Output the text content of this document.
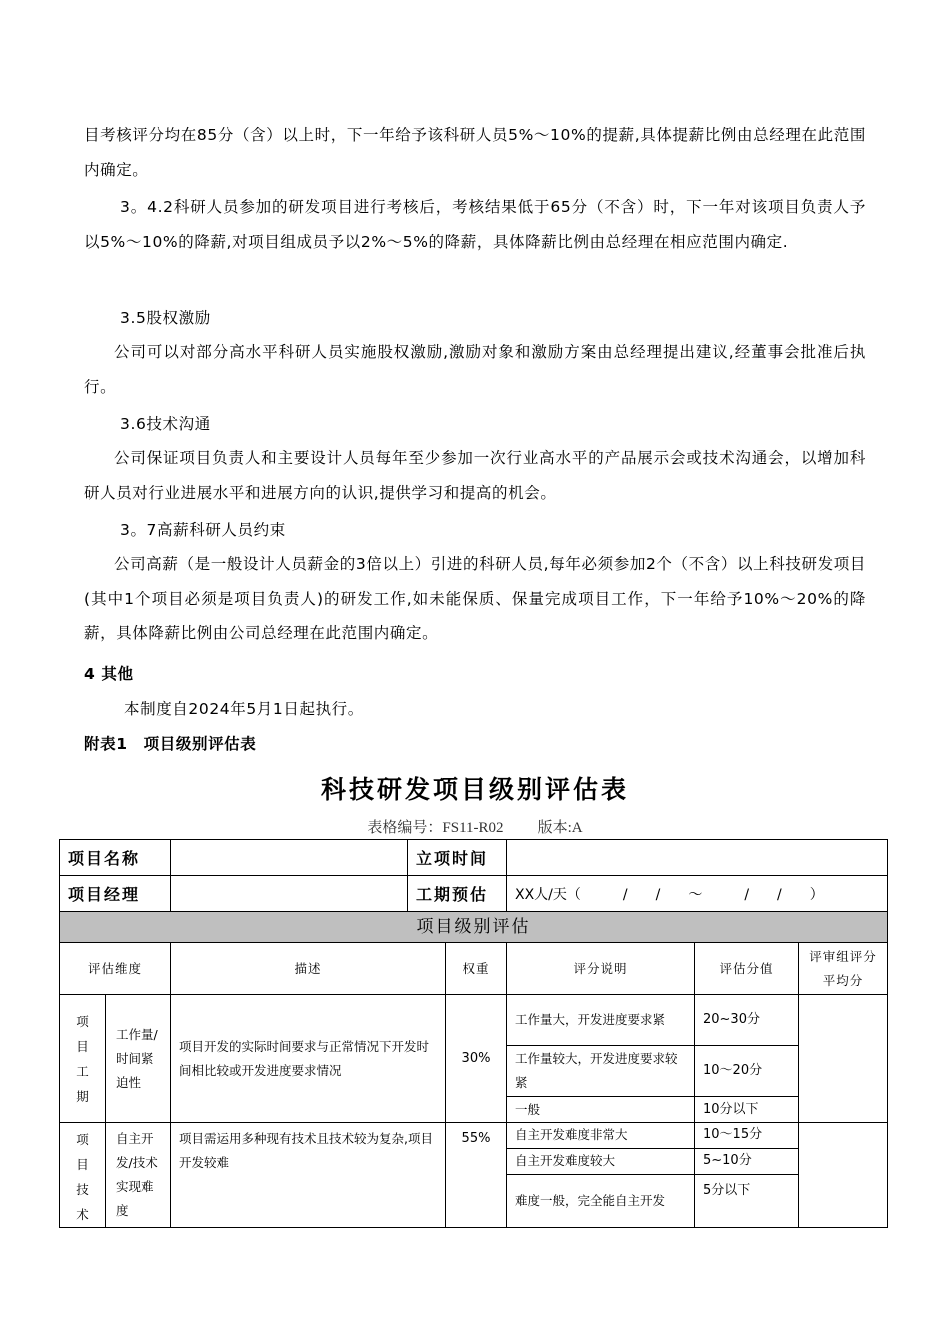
目考核评分均在85分（含）以上时，下一年给予该科研人员5%～10%的提薪,具体提薪比例由总经理在此范围内确定。
3。4.2科研人员参加的研发项目进行考核后，考核结果低于65分（不含）时，下一年对该项目负责人予以5%～10%的降薪,对项目组成员予以2%～5%的降薪，具体降薪比例由总经理在相应范围内确定.
3.5股权激励
公司可以对部分高水平科研人员实施股权激励,激励对象和激励方案由总经理提出建议,经董事会批准后执行。
3.6技术沟通
公司保证项目负责人和主要设计人员每年至少参加一次行业高水平的产品展示会或技术沟通会，以增加科研人员对行业进展水平和进展方向的认识,提供学习和提高的机会。
3。7高薪科研人员约束
公司高薪（是一般设计人员薪金的3倍以上）引进的科研人员,每年必须参加2个（不含）以上科技研发项目(其中1个项目必须是项目负责人)的研发工作,如未能保质、保量完成项目工作，下一年给予10%～20%的降薪，具体降薪比例由公司总经理在此范围内确定。
4 其他
本制度自2024年5月1日起执行。
附表1　项目级别评估表
科技研发项目级别评估表
表格编号：FS11-R02 版本:A
项目名称		立项时间	
项目经理		工期预估	XX人/天（　　　/　　/　　～　　　/　　/　　）
项目级别评估						
评估维度		描述	权重	评分说明	评估分值	评审组评分平均分
项目工期	工作量/时间紧迫性	项目开发的实际时间要求与正常情况下开发时间相比较或开发进度要求情况	30%	工作量大，开发进度要求紧	20~30分	
				工作量较大，开发进度要求较紧	10～20分	
				一般	10分以下	
项目技术	自主开发/技术实现难度	项目需运用多种现有技术且技术较为复杂,项目开发较难	55%	自主开发难度非常大	10～15分	
				自主开发难度较大	5~10分	
				难度一般，完全能自主开发	5分以下	
